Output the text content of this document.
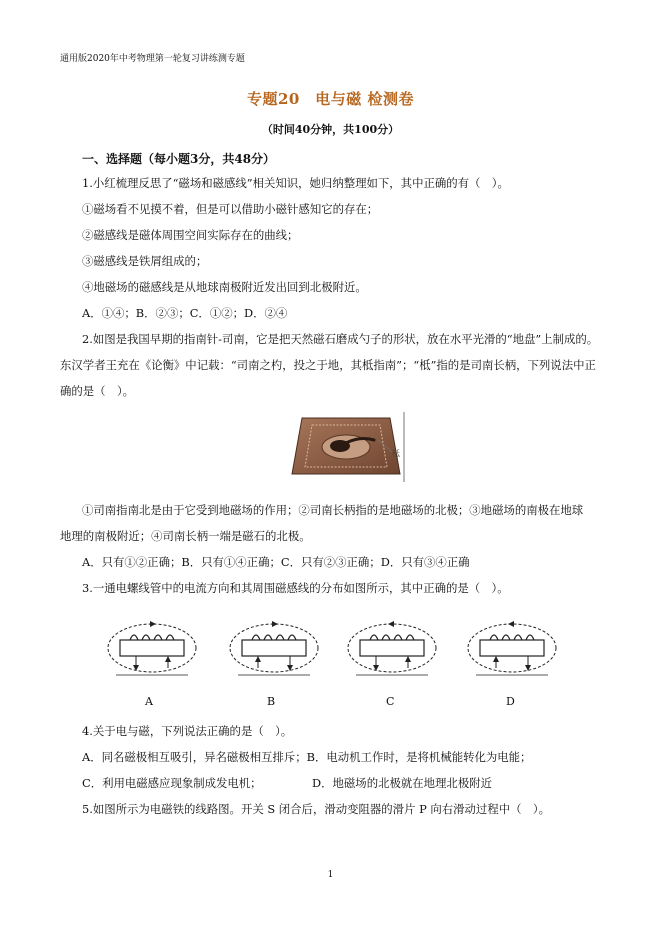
通用版2020年中考物理第一轮复习讲练测专题
专题20　电与磁 检测卷
（时间40分钟，共100分）
一、选择题（每小题3分，共48分）
1.小红梳理反思了“磁场和磁感线”相关知识，她归纳整理如下，其中正确的有（　）。
①磁场看不见摸不着，但是可以借助小磁针感知它的存在；
②磁感线是磁体周围空间实际存在的曲线；
③磁感线是铁屑组成的；
④地磁场的磁感线是从地球南极附近发出回到北极附近。
A．①④；B．②③；C．①②；D．②④
2.如图是我国早期的指南针-司南，它是把天然磁石磨成勺子的形状，放在水平光滑的“地盘”上制成的。
东汉学者王充在《论衡》中记载：“司南之杓，投之于地，其柢指南”；“柢”指的是司南长柄，下列说法中正
确的是（　）。
柢
①司南指南北是由于它受到地磁场的作用；②司南长柄指的是地磁场的北极；③地磁场的南极在地球
地理的南极附近；④司南长柄一端是磁石的北极。
A．只有①②正确；B．只有①④正确；C．只有②③正确；D．只有③④正确
3.一通电螺线管中的电流方向和其周围磁感线的分布如图所示，其中正确的是（　）。
A	B	C	D
4.关于电与磁，下列说法正确的是（　）。
A．同名磁极相互吸引，异名磁极相互排斥；B．电动机工作时，是将机械能转化为电能；
C．利用电磁感应现象制成发电机；	D．地磁场的北极就在地理北极附近
5.如图所示为电磁铁的线路图。开关 S 闭合后，滑动变阻器的滑片 P 向右滑动过程中（　）。
1
